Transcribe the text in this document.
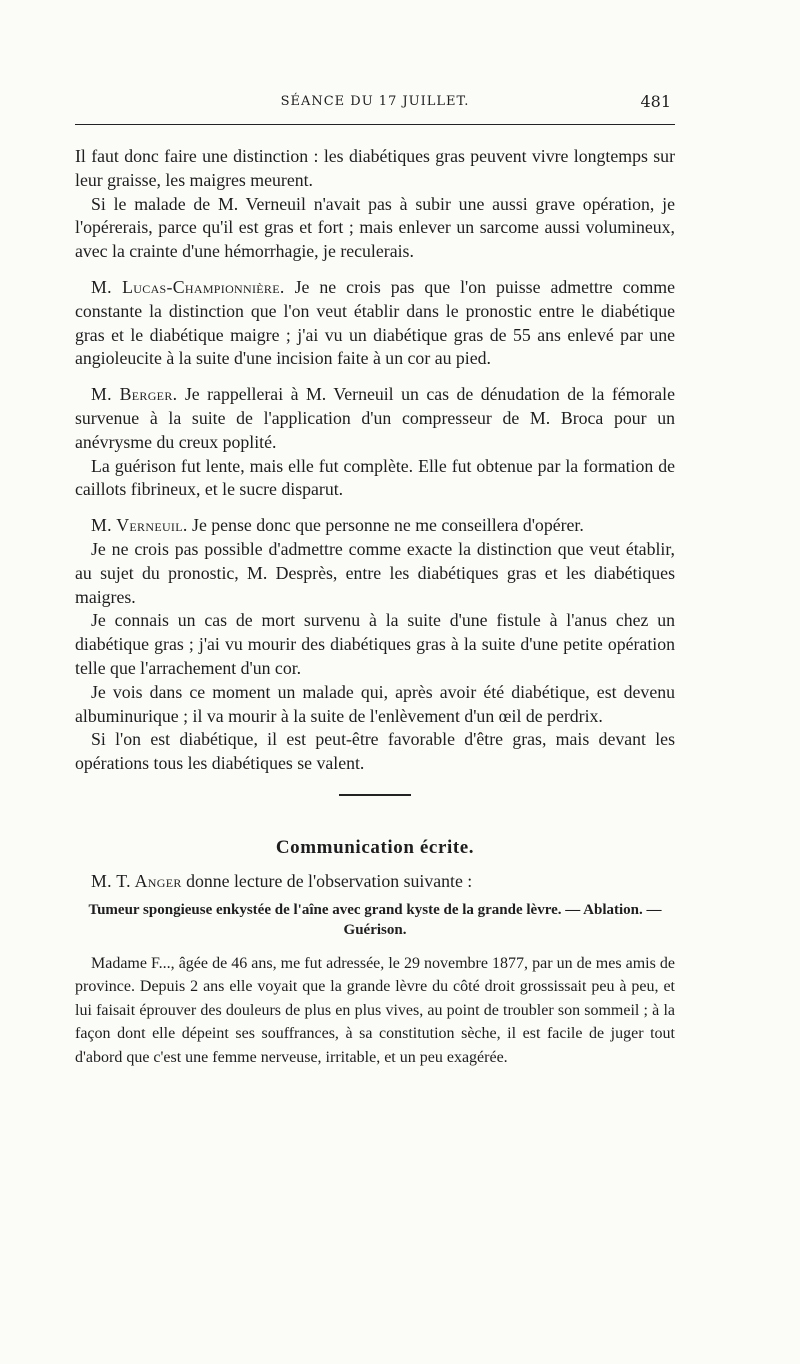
SÉANCE DU 17 JUILLET.	481

Il faut donc faire une distinction : les diabétiques gras peuvent vivre longtemps sur leur graisse, les maigres meurent.

Si le malade de M. Verneuil n'avait pas à subir une aussi grave opération, je l'opérerais, parce qu'il est gras et fort ; mais enlever un sarcome aussi volumineux, avec la crainte d'une hémorrhagie, je reculerais.

M. Lucas-Championnière. Je ne crois pas que l'on puisse admettre comme constante la distinction que l'on veut établir dans le pronostic entre le diabétique gras et le diabétique maigre ; j'ai vu un diabétique gras de 55 ans enlevé par une angioleucite à la suite d'une incision faite à un cor au pied.

M. Berger. Je rappellerai à M. Verneuil un cas de dénudation de la fémorale survenue à la suite de l'application d'un compresseur de M. Broca pour un anévrysme du creux poplité.

La guérison fut lente, mais elle fut complète. Elle fut obtenue par la formation de caillots fibrineux, et le sucre disparut.

M. Verneuil. Je pense donc que personne ne me conseillera d'opérer.

Je ne crois pas possible d'admettre comme exacte la distinction que veut établir, au sujet du pronostic, M. Desprès, entre les diabétiques gras et les diabétiques maigres.

Je connais un cas de mort survenu à la suite d'une fistule à l'anus chez un diabétique gras ; j'ai vu mourir des diabétiques gras à la suite d'une petite opération telle que l'arrachement d'un cor.

Je vois dans ce moment un malade qui, après avoir été diabétique, est devenu albuminurique ; il va mourir à la suite de l'enlèvement d'un œil de perdrix.

Si l'on est diabétique, il est peut-être favorable d'être gras, mais devant les opérations tous les diabétiques se valent.

Communication écrite.

M. T. Anger donne lecture de l'observation suivante :

Tumeur spongieuse enkystée de l'aîne avec grand kyste de la grande lèvre. — Ablation. — Guérison.

Madame F..., âgée de 46 ans, me fut adressée, le 29 novembre 1877, par un de mes amis de province. Depuis 2 ans elle voyait que la grande lèvre du côté droit grossissait peu à peu, et lui faisait éprouver des douleurs de plus en plus vives, au point de troubler son sommeil ; à la façon dont elle dépeint ses souffrances, à sa constitution sèche, il est facile de juger tout d'abord que c'est une femme nerveuse, irritable, et un peu exagérée.
